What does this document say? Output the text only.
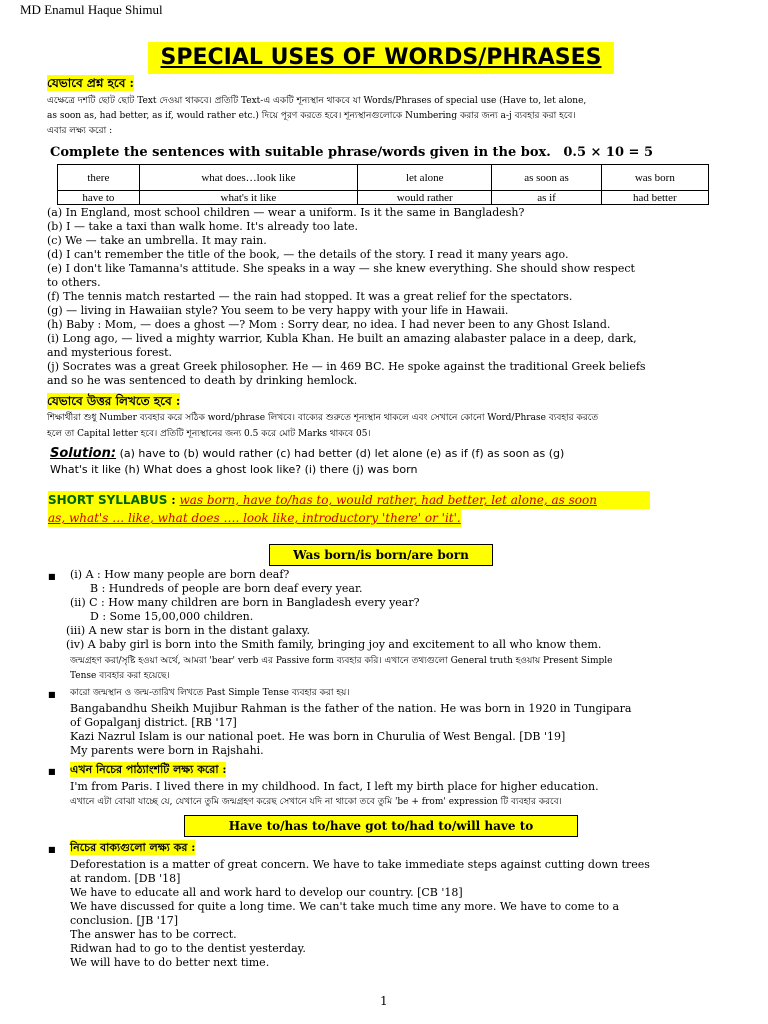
MD Enamul Haque Shimul
SPECIAL USES OF WORDS/PHRASES
যেভাবে প্রশ্ন হবে :
এক্ষেত্রে দশটি ছোট ছোট Text দেওয়া থাকবে। প্রতিটি Text-এ একটি শূন্যস্থান থাকবে যা Words/Phrases of special use (Have to, let alone,
as soon as, had better, as if, would rather etc.) দিয়ে পূরণ করতে হবে। শূন্যস্থানগুলোকে Numbering করার জন্য a-j ব্যবহার করা হবে।
এবার লক্ষ্য করো :
Complete the sentences with suitable phrase/words given in the box. 0.5 × 10 = 5
there	what does…look like	let alone	as soon as	was born
have to	what's it like	would rather	as if	had better
(a) In England, most school children — wear a uniform. Is it the same in Bangladesh?
(b) I — take a taxi than walk home. It's already too late.
(c) We — take an umbrella. It may rain.
(d) I can't remember the title of the book, — the details of the story. I read it many years ago.
(e) I don't like Tamanna's attitude. She speaks in a way — she knew everything. She should show respect
to others.
(f) The tennis match restarted — the rain had stopped. It was a great relief for the spectators.
(g) — living in Hawaiian style? You seem to be very happy with your life in Hawaii.
(h) Baby : Mom, — does a ghost —? Mom : Sorry dear, no idea. I had never been to any Ghost Island.
(i) Long ago, — lived a mighty warrior, Kubla Khan. He built an amazing alabaster palace in a deep, dark,
and mysterious forest.
(j) Socrates was a great Greek philosopher. He — in 469 BC. He spoke against the traditional Greek beliefs
and so he was sentenced to death by drinking hemlock.
যেভাবে উত্তর লিখতে হবে :
শিক্ষার্থীরা শুধু Number ব্যবহার করে সঠিক word/phrase লিখবে। বাক্যের শুরুতে শূন্যস্থান থাকলে এবং সেখানে কোনো Word/Phrase ব্যবহার করতে
হলে তা Capital letter হবে। প্রতিটি শূন্যস্থানের জন্য 0.5 করে মোট Marks থাকবে 05।
Solution: (a) have to (b) would rather (c) had better (d) let alone (e) as if (f) as soon as (g)
What's it like (h) What does a ghost look like? (i) there (j) was born
SHORT SYLLABUS : was born, have to/has to, would rather, had better, let alone, as soon
as, what's … like, what does …. look like, introductory 'there' or 'it'.
Was born/is born/are born
■ (i) A : How many people are born deaf?
B : Hundreds of people are born deaf every year.
(ii) C : How many children are born in Bangladesh every year?
D : Some 15,00,000 children.
(iii) A new star is born in the distant galaxy.
(iv) A baby girl is born into the Smith family, bringing joy and excitement to all who know them.
জন্মগ্রহণ করা/সৃষ্টি হওয়া অর্থে, আমরা 'bear' verb এর Passive form ব্যবহার করি। এখানে তথ্যগুলো General truth হওয়ায় Present Simple
Tense ব্যবহার করা হয়েছে।
■ কারো জন্মস্থান ও জন্ম-তারিখ লিখতে Past Simple Tense ব্যবহার করা হয়।
Bangabandhu Sheikh Mujibur Rahman is the father of the nation. He was born in 1920 in Tungipara
of Gopalganj district. [RB '17]
Kazi Nazrul Islam is our national poet. He was born in Churulia of West Bengal. [DB '19]
My parents were born in Rajshahi.
■ এখন নিচের পাঠ্যাংশটি লক্ষ্য করো :
I'm from Paris. I lived there in my childhood. In fact, I left my birth place for higher education.
এখানে এটা বোঝা যাচ্ছে যে, যেখানে তুমি জন্মগ্রহণ করেছ সেখানে যদি না থাকো তবে তুমি 'be + from' expression টি ব্যবহার করবে।
Have to/has to/have got to/had to/will have to
■ নিচের বাক্যগুলো লক্ষ্য কর :
Deforestation is a matter of great concern. We have to take immediate steps against cutting down trees
at random. [DB '18]
We have to educate all and work hard to develop our country. [CB '18]
We have discussed for quite a long time. We can't take much time any more. We have to come to a
conclusion. [JB '17]
The answer has to be correct.
Ridwan had to go to the dentist yesterday.
We will have to do better next time.
1
